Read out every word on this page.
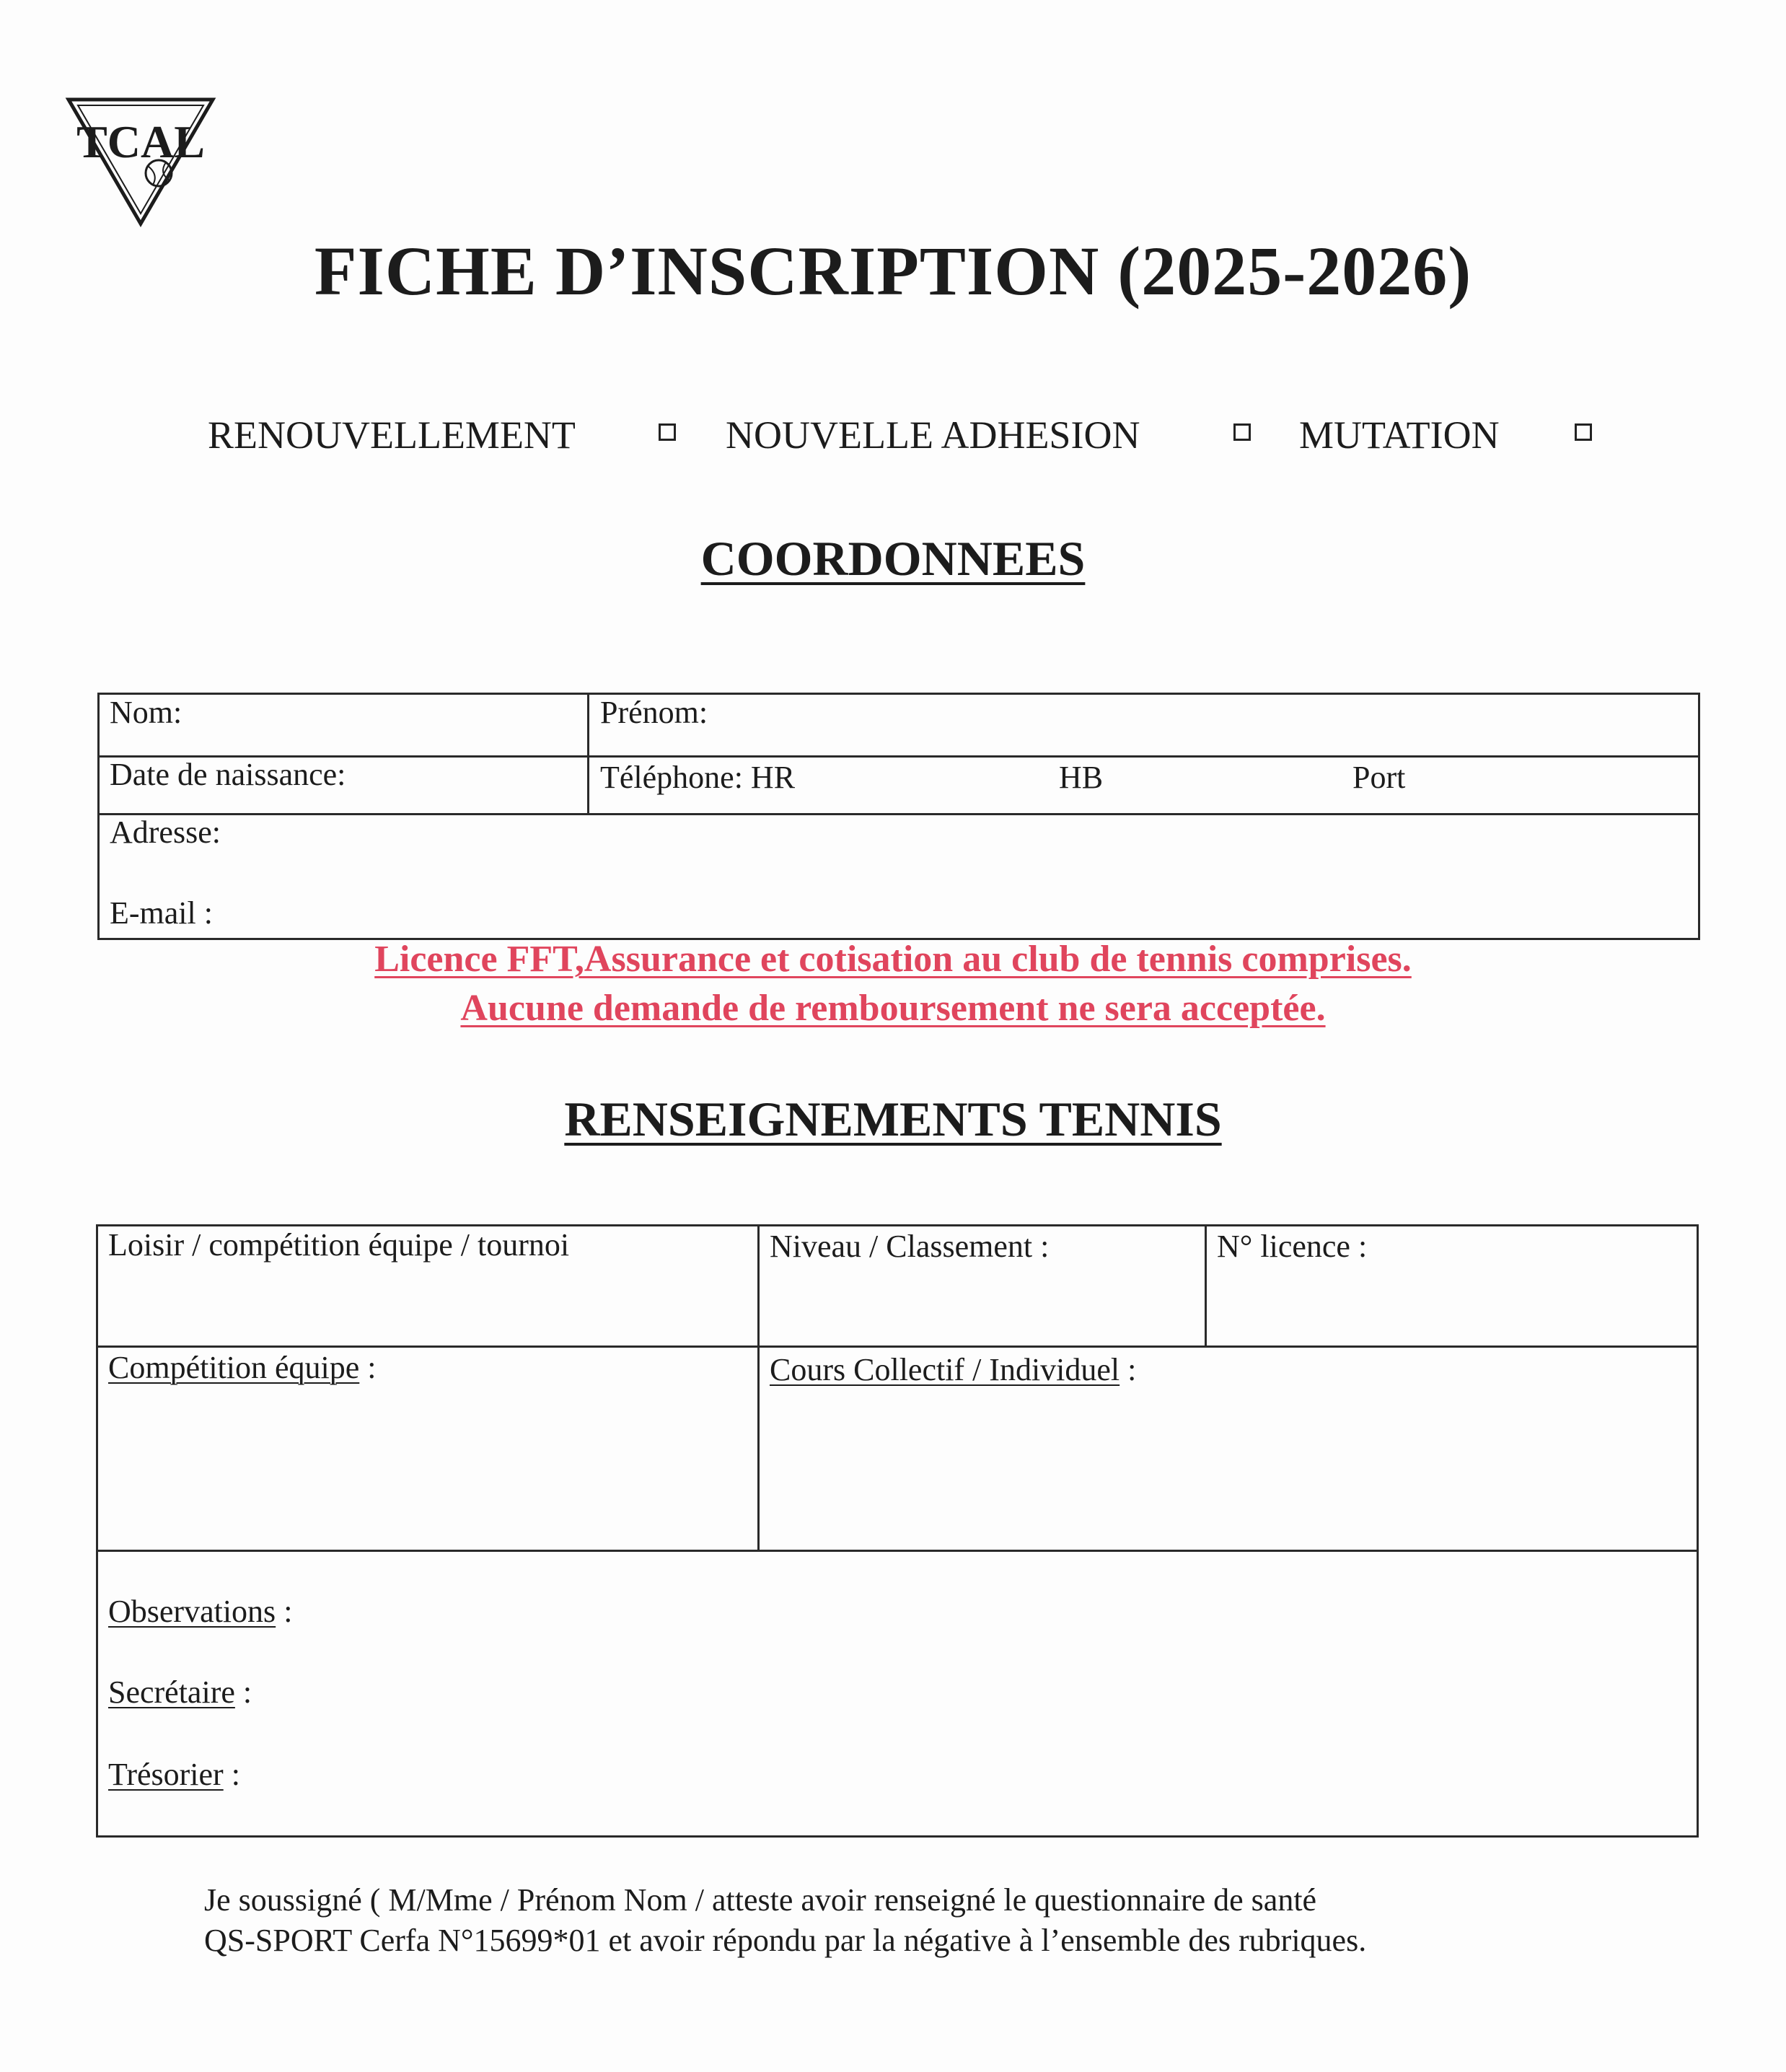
TCAL
FICHE D’INSCRIPTION (2025-2026)
RENOUVELLEMENT	NOUVELLE ADHESION	MUTATION
COORDONNEES
Nom:	Prénom:
Date de naissance:	Téléphone: HR	HB	Port
Adresse:
E-mail :
Licence FFT,Assurance et cotisation au club de tennis comprises.
Aucune demande de remboursement ne sera acceptée.
RENSEIGNEMENTS TENNIS
Loisir / compétition équipe / tournoi	Niveau / Classement :	N° licence :
Compétition équipe :	Cours Collectif / Individuel :
Observations :
Secrétaire :
Trésorier :
Je soussigné ( M/Mme / Prénom Nom / atteste avoir renseigné le questionnaire de santé
QS-SPORT Cerfa N°15699*01 et avoir répondu par la négative à l’ensemble des rubriques.
